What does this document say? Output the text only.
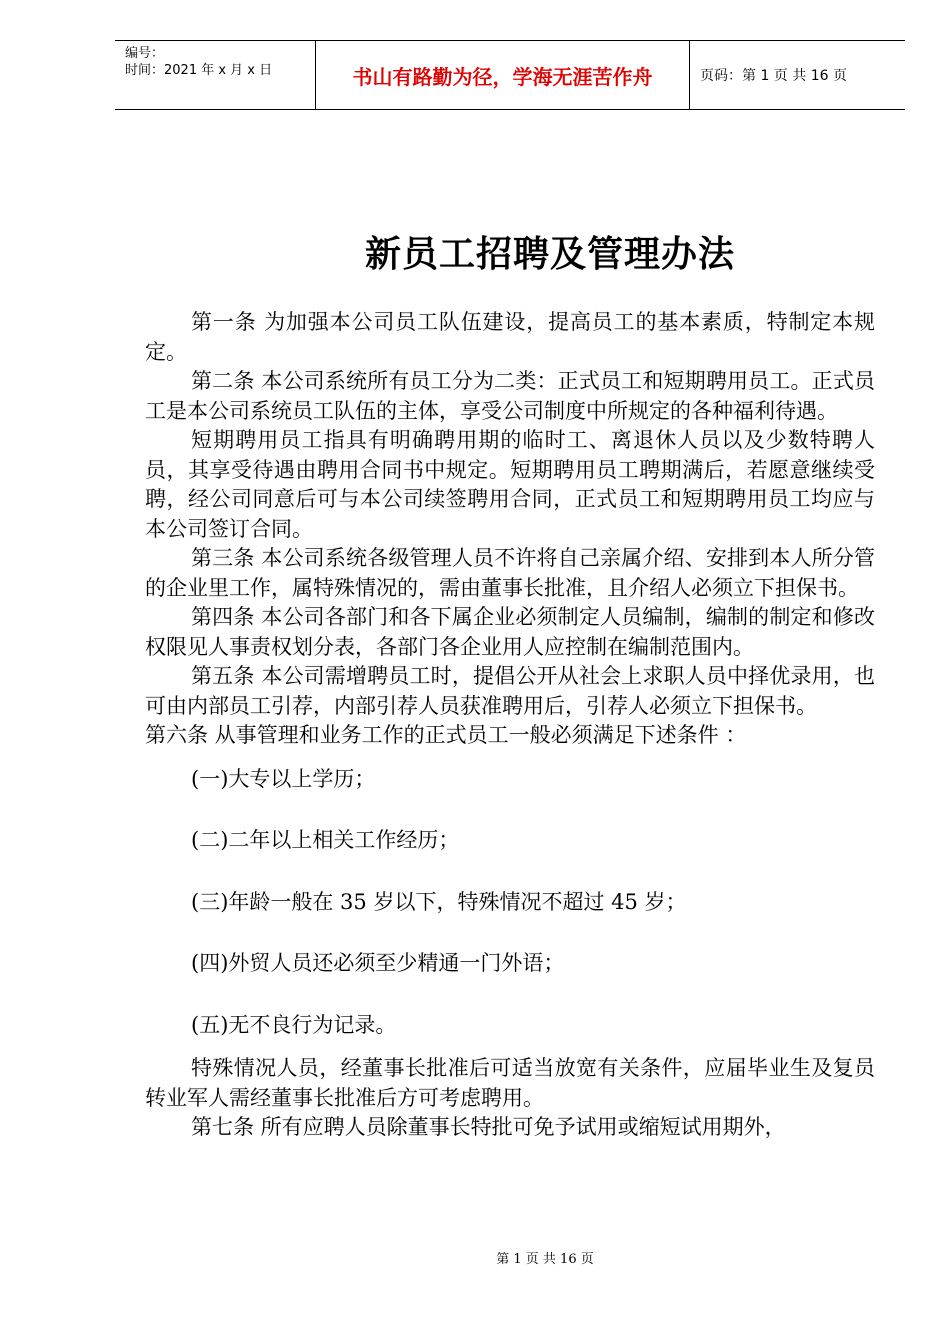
编号：
时间：2021 年 x 月 x 日	书山有路勤为径，学海无涯苦作舟	页码：第 1 页 共 16 页
新员工招聘及管理办法

第一条 为加强本公司员工队伍建设，提高员工的基本素质，特制定本规定。

第二条 本公司系统所有员工分为二类：正式员工和短期聘用员工。正式员工是本公司系统员工队伍的主体，享受公司制度中所规定的各种福利待遇。

短期聘用员工指具有明确聘用期的临时工、离退休人员以及少数特聘人员，其享受待遇由聘用合同书中规定。短期聘用员工聘期满后，若愿意继续受聘，经公司同意后可与本公司续签聘用合同，正式员工和短期聘用员工均应与本公司签订合同。

第三条 本公司系统各级管理人员不许将自己亲属介绍、安排到本人所分管的企业里工作，属特殊情况的，需由董事长批准，且介绍人必须立下担保书。

第四条 本公司各部门和各下属企业必须制定人员编制，编制的制定和修改权限见人事责权划分表，各部门各企业用人应控制在编制范围内。

第五条 本公司需增聘员工时，提倡公开从社会上求职人员中择优录用，也可由内部员工引荐，内部引荐人员获准聘用后，引荐人必须立下担保书。

第六条 从事管理和业务工作的正式员工一般必须满足下述条件 ：

(一)大专以上学历；

(二)二年以上相关工作经历；

(三)年龄一般在 35 岁以下，特殊情况不超过 45 岁；

(四)外贸人员还必须至少精通一门外语；

(五)无不良行为记录。

特殊情况人员，经董事长批准后可适当放宽有关条件，应届毕业生及复员转业军人需经董事长批准后方可考虑聘用。

第七条 所有应聘人员除董事长特批可免予试用或缩短试用期外，

第 1 页 共 16 页
